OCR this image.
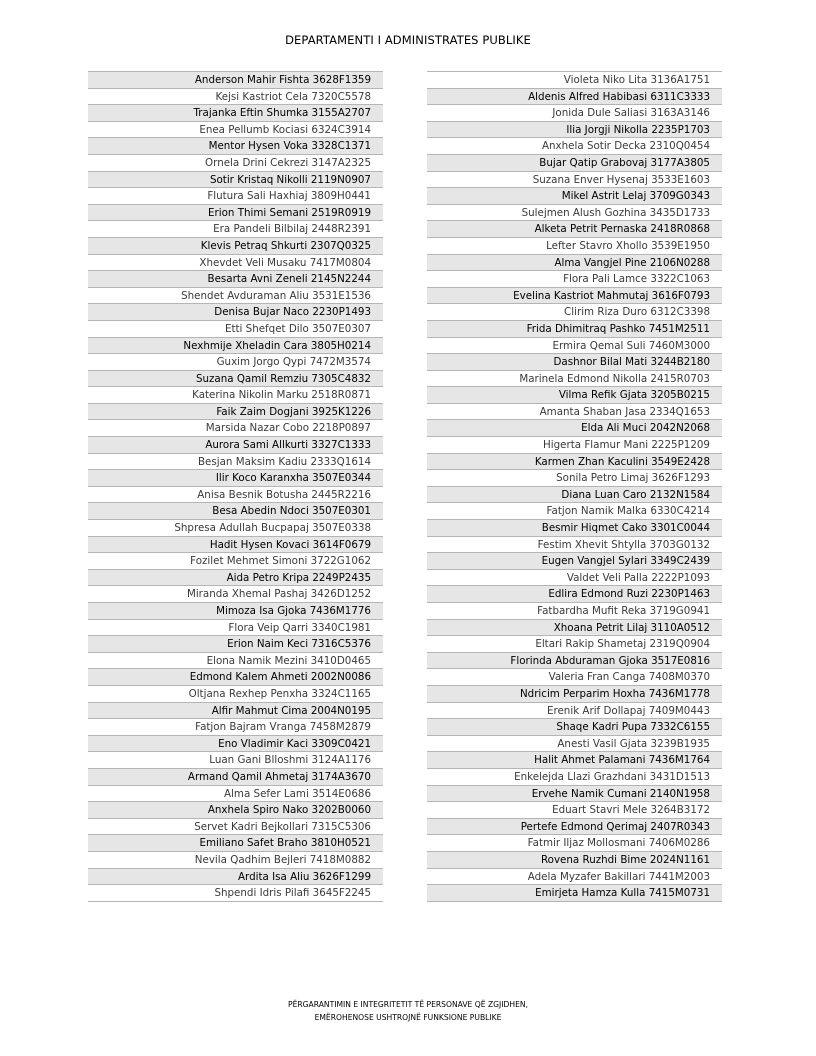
DEPARTAMENTI I ADMINISTRATES PUBLIKE
Anderson Mahir Fishta 3628F1359
Kejsi Kastriot Cela 7320C5578
Trajanka Eftin Shumka 3155A2707
Enea Pellumb Kociasi 6324C3914
Mentor Hysen Voka 3328C1371
Ornela Drini Cekrezi 3147A2325
Sotir Kristaq Nikolli 2119N0907
Flutura Sali Haxhiaj 3809H0441
Erion Thimi Semani 2519R0919
Era Pandeli Bilbilaj 2448R2391
Klevis Petraq Shkurti 2307Q0325
Xhevdet Veli Musaku 7417M0804
Besarta Avni Zeneli 2145N2244
Shendet Avduraman Aliu 3531E1536
Denisa Bujar Naco 2230P1493
Etti Shefqet Dilo 3507E0307
Nexhmije Xheladin Cara 3805H0214
Guxim Jorgo Qypi 7472M3574
Suzana Qamil Remziu 7305C4832
Katerina Nikolin Marku 2518R0871
Faik Zaim Dogjani 3925K1226
Marsida Nazar Cobo 2218P0897
Aurora Sami Allkurti 3327C1333
Besjan Maksim Kadiu 2333Q1614
Ilir Koco Karanxha 3507E0344
Anisa Besnik Botusha 2445R2216
Besa Abedin Ndoci 3507E0301
Shpresa Adullah Bucpapaj 3507E0338
Hadit Hysen Kovaci 3614F0679
Fozilet Mehmet Simoni 3722G1062
Aida Petro Kripa 2249P2435
Miranda Xhemal Pashaj 3426D1252
Mimoza Isa Gjoka 7436M1776
Flora Veip Qarri 3340C1981
Erion Naim Keci 7316C5376
Elona Namik Mezini 3410D0465
Edmond Kalem Ahmeti 2002N0086
Oltjana Rexhep Penxha 3324C1165
Alfir Mahmut Cima 2004N0195
Fatjon Bajram Vranga 7458M2879
Eno Vladimir Kaci 3309C0421
Luan Gani Blloshmi 3124A1176
Armand Qamil Ahmetaj 3174A3670
Alma Sefer Lami 3514E0686
Anxhela Spiro Nako 3202B0060
Servet Kadri Bejkollari 7315C5306
Emiliano Safet Braho 3810H0521
Nevila Qadhim Bejleri 7418M0882
Ardita Isa Aliu 3626F1299
Shpendi Idris Pilafi 3645F2245
Violeta Niko Lita 3136A1751
Aldenis Alfred Habibasi 6311C3333
Jonida Dule Saliasi 3163A3146
Ilia Jorgji Nikolla 2235P1703
Anxhela Sotir Decka 2310Q0454
Bujar Qatip Grabovaj 3177A3805
Suzana Enver Hysenaj 3533E1603
Mikel Astrit Lelaj 3709G0343
Sulejmen Alush Gozhina 3435D1733
Alketa Petrit Pernaska 2418R0868
Lefter Stavro Xhollo 3539E1950
Alma Vangjel Pine 2106N0288
Flora Pali Lamce 3322C1063
Evelina Kastriot Mahmutaj 3616F0793
Clirim Riza Duro 6312C3398
Frida Dhimitraq Pashko 7451M2511
Ermira Qemal Suli 7460M3000
Dashnor Bilal Mati 3244B2180
Marinela Edmond Nikolla 2415R0703
Vilma Refik Gjata 3205B0215
Amanta Shaban Jasa 2334Q1653
Elda Ali Muci 2042N2068
Higerta Flamur Mani 2225P1209
Karmen Zhan Kaculini 3549E2428
Sonila Petro Limaj 3626F1293
Diana Luan Caro 2132N1584
Fatjon Namik Malka 6330C4214
Besmir Hiqmet Cako 3301C0044
Festim Xhevit Shtylla 3703G0132
Eugen Vangjel Sylari 3349C2439
Valdet Veli Palla 2222P1093
Edlira Edmond Ruzi 2230P1463
Fatbardha Mufit Reka 3719G0941
Xhoana Petrit Lilaj 3110A0512
Eltari Rakip Shametaj 2319Q0904
Florinda Abduraman Gjoka 3517E0816
Valeria Fran Canga 7408M0370
Ndricim Perparim Hoxha 7436M1778
Erenik Arif Dollapaj 7409M0443
Shaqe Kadri Pupa 7332C6155
Anesti Vasil Gjata 3239B1935
Halit Ahmet Palamani 7436M1764
Enkelejda Llazi Grazhdani 3431D1513
Ervehe Namik Cumani 2140N1958
Eduart Stavri Mele 3264B3172
Pertefe Edmond Qerimaj 2407R0343
Fatmir Iljaz Mollosmani 7406M0286
Rovena Ruzhdi Bime 2024N1161
Adela Myzafer Bakillari 7441M2003
Emirjeta Hamza Kulla 7415M0731
PËRGARANTIMIN E INTEGRITETIT TË PERSONAVE QË ZGJIDHEN,
EMËROHENOSE USHTROJNË FUNKSIONE PUBLIKE
